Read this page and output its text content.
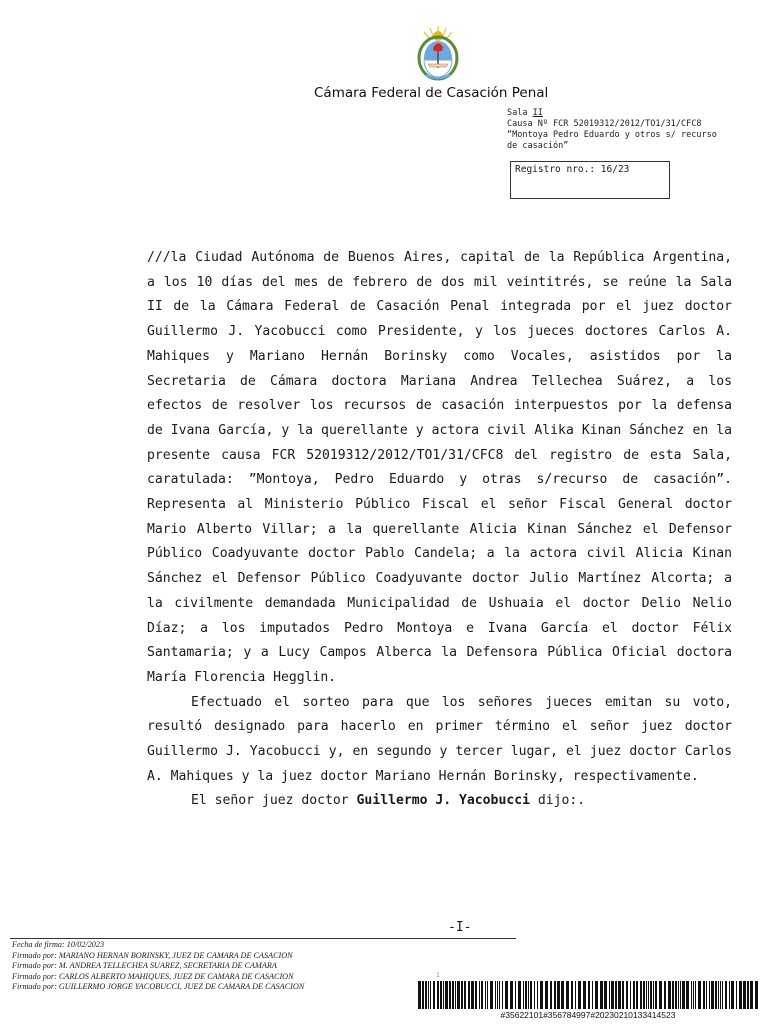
Cámara Federal de Casación Penal
Sala II
Causa Nº FCR 52019312/2012/TO1/31/CFC8
“Montoya Pedro Eduardo y otros s/ recurso
de casación”
Registro nro.: 16/23

///la Ciudad Autónoma de Buenos Aires, capital de la República Argentina, a los 10 días del mes de febrero de dos mil veintitrés, se reúne la Sala II de la Cámara Federal de Casación Penal integrada por el juez doctor Guillermo J. Yacobucci como Presidente, y los jueces doctores Carlos A. Mahiques y Mariano Hernán Borinsky como Vocales, asistidos por la Secretaria de Cámara doctora Mariana Andrea Tellechea Suárez, a los efectos de resolver los recursos de casación interpuestos por la defensa de Ivana García, y la querellante y actora civil Alika Kinan Sánchez en la presente causa FCR 52019312/2012/TO1/31/CFC8 del registro de esta Sala, caratulada: ”Montoya, Pedro Eduardo y otras s/recurso de casación”. Representa al Ministerio Público Fiscal el señor Fiscal General doctor Mario Alberto Villar; a la querellante Alicia Kinan Sánchez el Defensor Público Coadyuvante doctor Pablo Candela; a la actora civil Alicia Kinan Sánchez el Defensor Público Coadyuvante doctor Julio Martínez Alcorta; a la civilmente demandada Municipalidad de Ushuaia el doctor Delio Nelio Díaz; a los imputados Pedro Montoya e Ivana García el doctor Félix Santamaria; y a Lucy Campos Alberca la Defensora Pública Oficial doctora María Florencia Hegglin.

Efectuado el sorteo para que los señores jueces emitan su voto, resultó designado para hacerlo en primer término el señor juez doctor Guillermo J. Yacobucci y, en segundo y tercer lugar, el juez doctor Carlos A. Mahiques y la juez doctor Mariano Hernán Borinsky, respectivamente.

El señor juez doctor Guillermo J. Yacobucci dijo:.

-I-
Fecha de firma: 10/02/2023
Firmado por: MARIANO HERNAN BORINSKY, JUEZ DE CAMARA DE CASACION
Firmado por: M. ANDREA TELLECHEA SUAREZ, SECRETARIA DE CAMARA
Firmado por: CARLOS ALBERTO MAHIQUES, JUEZ DE CAMARA DE CASACION
Firmado por: GUILLERMO JORGE YACOBUCCI, JUEZ DE CAMARA DE CASACION
1
#35622101#356784997#20230210133414523
